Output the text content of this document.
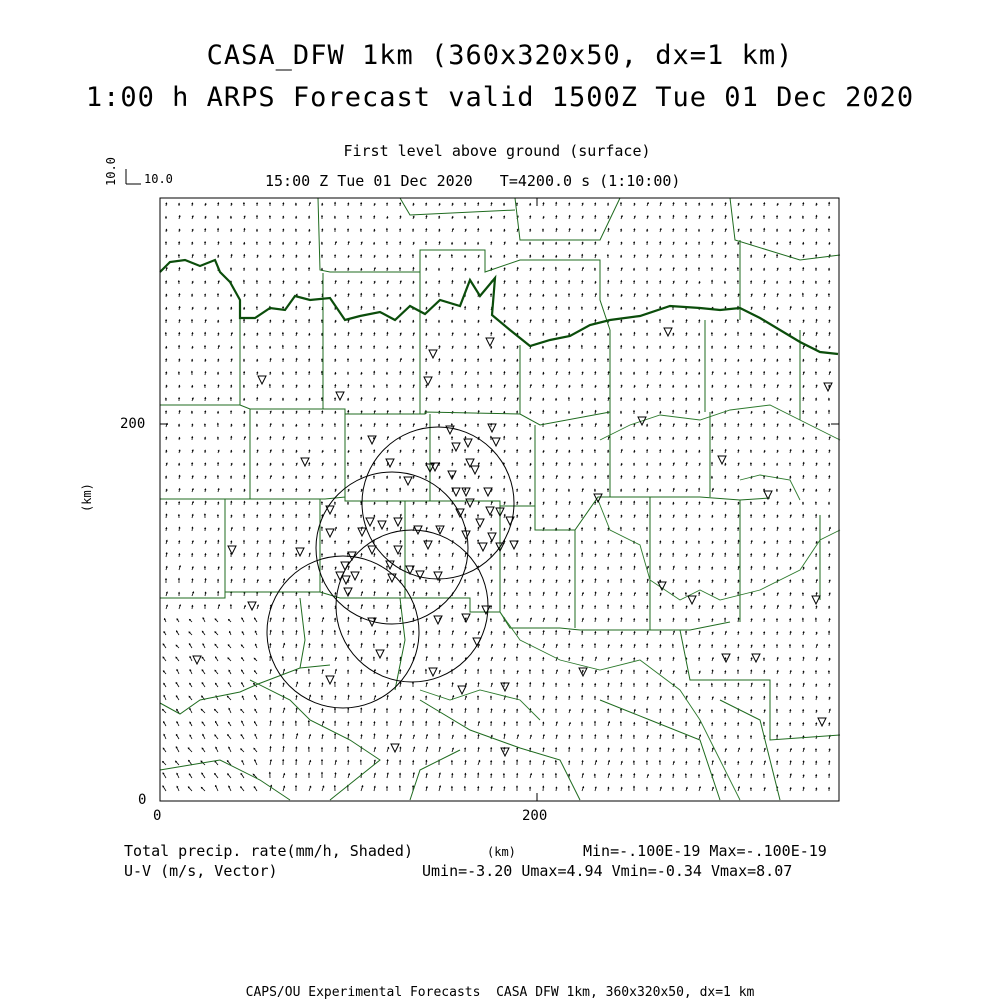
CASA_DFW 1km (360x320x50, dx=1 km)
1:00 h ARPS Forecast valid 1500Z Tue 01 Dec 2020
First level above ground (surface)
15:00 Z Tue 01 Dec 2020   T=4200.0 s (1:10:00)
10.0
10.0
(km)
200
0
0	200
(km)
Total precip. rate(mm/h, Shaded)
U-V (m/s, Vector)
Min=-.100E-19 Max=-.100E-19
Umin=-3.20 Umax=4.94 Vmin=-0.34 Vmax=8.07
CAPS/OU Experimental Forecasts  CASA DFW 1km, 360x320x50, dx=1 km
